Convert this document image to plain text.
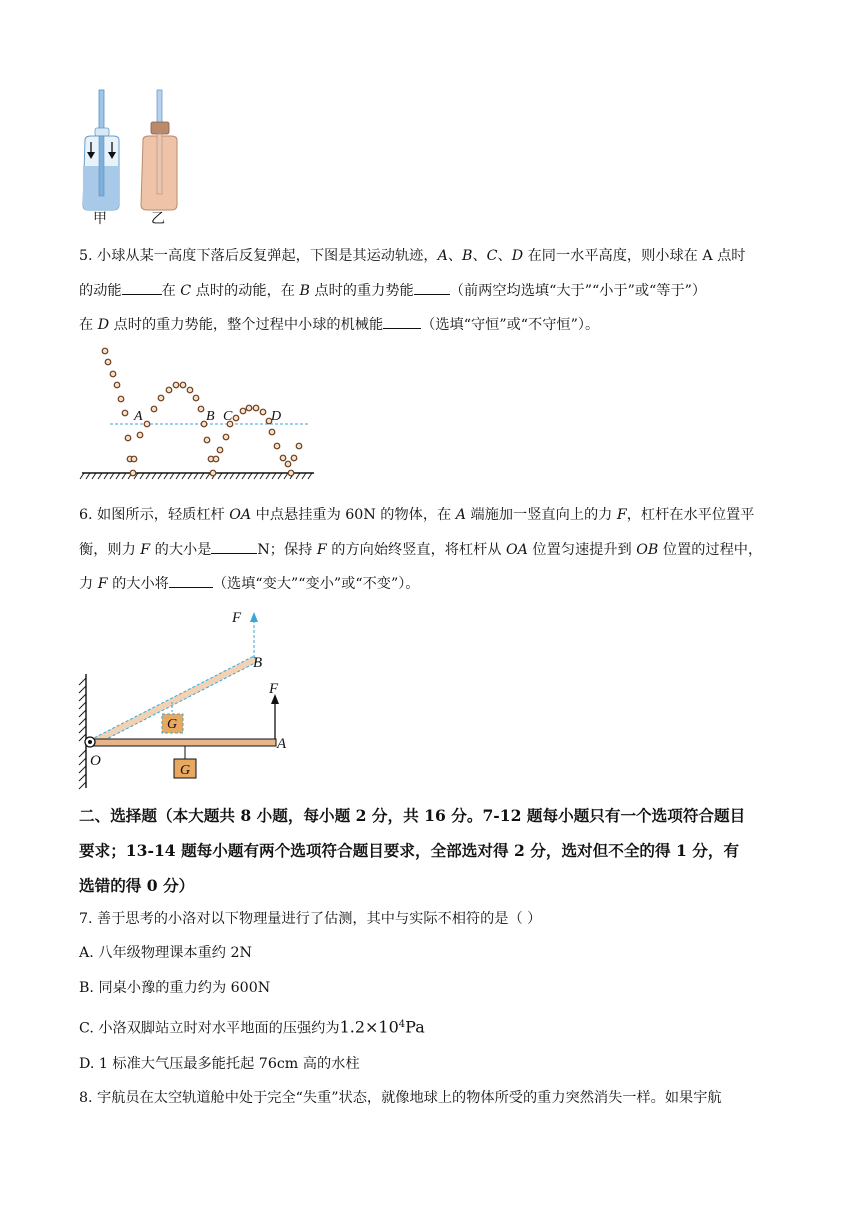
甲	乙
5. 小球从某一高度下落后反复弹起，下图是其运动轨迹，A、B、C、D 在同一水平高度，则小球在 A 点时
的动能	在 C 点时的动能，在 B 点时的重力势能	（前两空均选填“大于”“小于”或“等于”）
在 D 点时的重力势能，整个过程中小球的机械能	（选填“守恒”或“不守恒”）。
A	B C	D
6. 如图所示，轻质杠杆 OA 中点悬挂重为 60N 的物体，在 A 端施加一竖直向上的力 F，杠杆在水平位置平
衡，则力 F 的大小是	N；保持 F 的方向始终竖直，将杠杆从 OA 位置匀速提升到 OB 位置的过程中，
力 F 的大小将	（选填“变大”“变小”或“不变”）。
G
G
F
F
B
O
A
二、选择题（本大题共 8 小题，每小题 2 分，共 16 分。7-12 题每小题只有一个选项符合题目
要求；13-14 题每小题有两个选项符合题目要求，全部选对得 2 分，选对但不全的得 1 分，有
选错的得 0 分）
7. 善于思考的小洛对以下物理量进行了估测，其中与实际不相符的是（ ）
A. 八年级物理课本重约 2N
B. 同桌小豫的重力约为 600N
C. 小洛双脚站立时对水平地面的压强约为$1.2\times 10^4Pa$
D. 1 标准大气压最多能托起 76cm 高的水柱
8. 宇航员在太空轨道舱中处于完全“失重”状态，就像地球上的物体所受的重力突然消失一样。如果宇航
